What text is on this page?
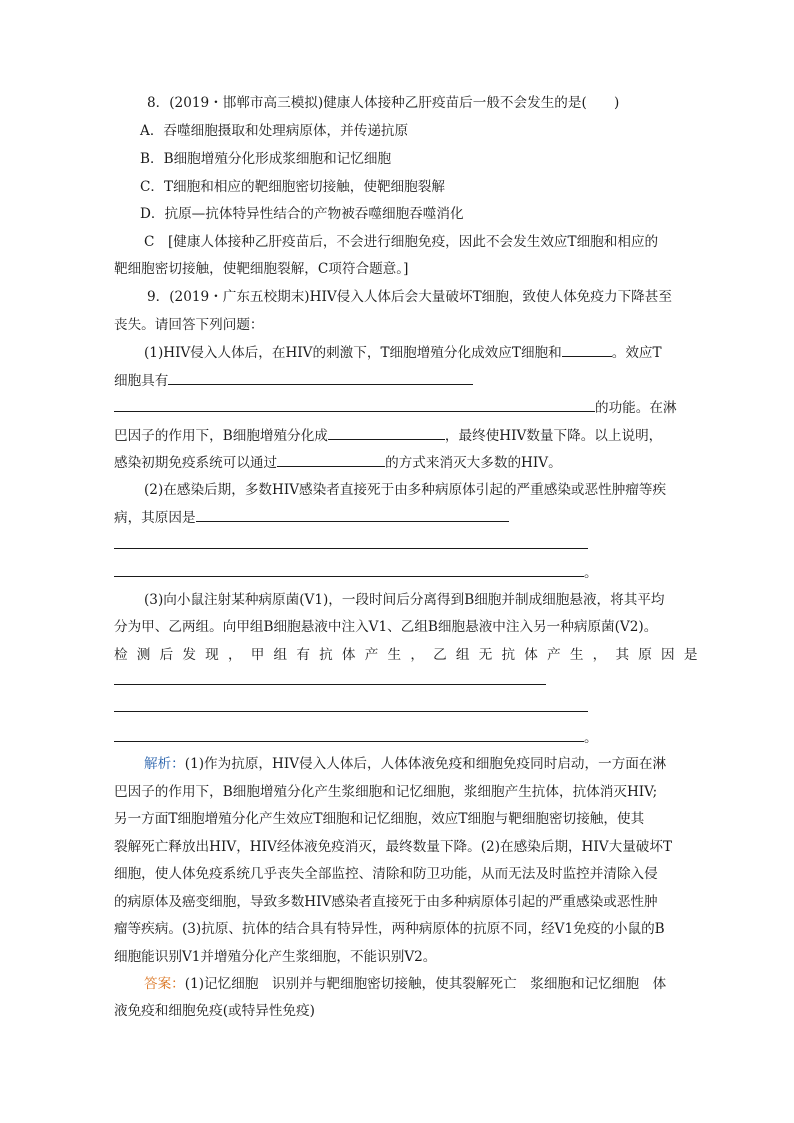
8．(2019・邯郸市高三模拟)健康人体接种乙肝疫苗后一般不会发生的是(　　)
A．吞噬细胞摄取和处理病原体，并传递抗原
B．B细胞增殖分化形成浆细胞和记忆细胞
C．T细胞和相应的靶细胞密切接触，使靶细胞裂解
D．抗原—抗体特异性结合的产物被吞噬细胞吞噬消化
C　[健康人体接种乙肝疫苗后，不会进行细胞免疫，因此不会发生效应T细胞和相应的
靶细胞密切接触，使靶细胞裂解，C项符合题意。]
9．(2019・广东五校期末)HIV侵入人体后会大量破坏T细胞，致使人体免疫力下降甚至
丧失。请回答下列问题：
(1)HIV侵入人体后，在HIV的刺激下，T细胞增殖分化成效应T细胞和	。效应T
细胞具有
的功能。在淋
巴因子的作用下，B细胞增殖分化成	，最终使HIV数量下降。以上说明，
感染初期免疫系统可以通过	的方式来消灭大多数的HIV。
(2)在感染后期，多数HIV感染者直接死于由多种病原体引起的严重感染或恶性肿瘤等疾
病，其原因是
。
(3)向小鼠注射某种病原菌(V1)，一段时间后分离得到B细胞并制成细胞悬液，将其平均
分为甲、乙两组。向甲组B细胞悬液中注入V1、乙组B细胞悬液中注入另一种病原菌(V2)。
检测后发现，甲组有抗体产生，乙组无抗体产生，其原因是
。
解析：(1)作为抗原，HIV侵入人体后，人体体液免疫和细胞免疫同时启动，一方面在淋
巴因子的作用下，B细胞增殖分化产生浆细胞和记忆细胞，浆细胞产生抗体，抗体消灭HIV;
另一方面T细胞增殖分化产生效应T细胞和记忆细胞，效应T细胞与靶细胞密切接触，使其
裂解死亡释放出HIV，HIV经体液免疫消灭，最终数量下降。(2)在感染后期，HIV大量破坏T
细胞，使人体免疫系统几乎丧失全部监控、清除和防卫功能，从而无法及时监控并清除入侵
的病原体及癌变细胞，导致多数HIV感染者直接死于由多种病原体引起的严重感染或恶性肿
瘤等疾病。(3)抗原、抗体的结合具有特异性，两种病原体的抗原不同，经V1免疫的小鼠的B
细胞能识别V1并增殖分化产生浆细胞，不能识别V2。
答案：(1)记忆细胞　识别并与靶细胞密切接触，使其裂解死亡　浆细胞和记忆细胞　体
液免疫和细胞免疫(或特异性免疫)
